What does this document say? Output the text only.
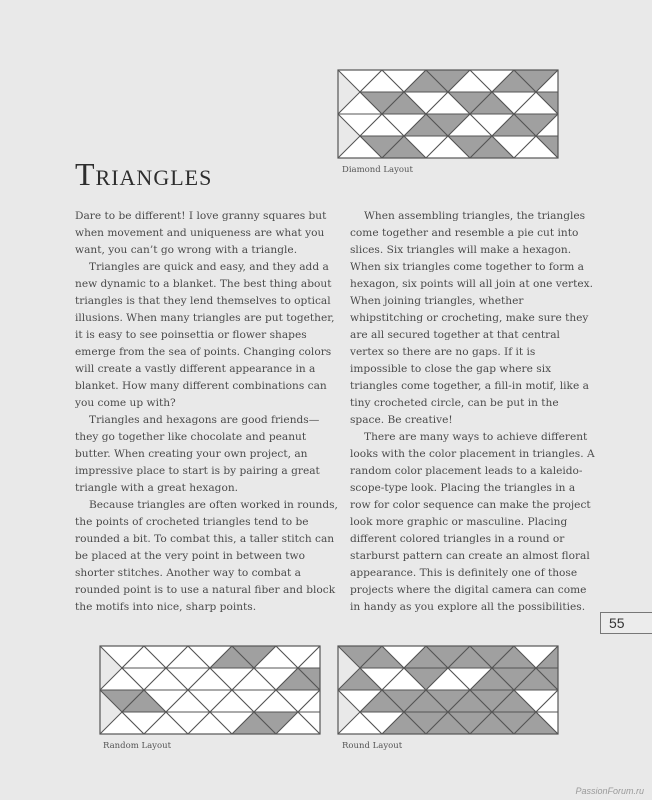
Diamond Layout
Triangles

Dare to be different! I love granny squares but when movement and uniqueness are what you want, you can’t go wrong with a triangle.

Triangles are quick and easy, and they add a new dynamic to a blanket. The best thing about triangles is that they lend themselves to optical illusions. When many triangles are put together, it is easy to see poinsettia or flower shapes emerge from the sea of points. Changing colors will create a vastly different appearance in a blanket. How many different combinations can you come up with?

Triangles and hexagons are good friends—they go together like chocolate and peanut butter. When creating your own project, an impressive place to start is by pairing a great triangle with a great hexagon.

Because triangles are often worked in rounds, the points of crocheted triangles tend to be rounded a bit. To combat this, a taller stitch can be placed at the very point in between two shorter stitches. Another way to combat a rounded point is to use a natural fiber and block the motifs into nice, sharp points.

When assembling triangles, the triangles come together and resemble a pie cut into slices. Six triangles will make a hexagon. When six triangles come together to form a hexagon, six points will all join at one vertex. When joining triangles, whether whipstitching or crocheting, make sure they are all secured together at that central vertex so there are no gaps. If it is impossible to close the gap where six triangles come together, a fill-in motif, like a tiny crocheted circle, can be put in the space. Be creative!

There are many ways to achieve different looks with the color placement in triangles. A random color placement leads to a kaleido-scope-type look. Placing the triangles in a row for color sequence can make the project look more graphic or masculine. Placing different colored triangles in a round or starburst pattern can create an almost floral appearance. This is definitely one of those projects where the digital camera can come in handy as you explore all the possibilities.

55
Random Layout	Round Layout
PassionForum.ru
